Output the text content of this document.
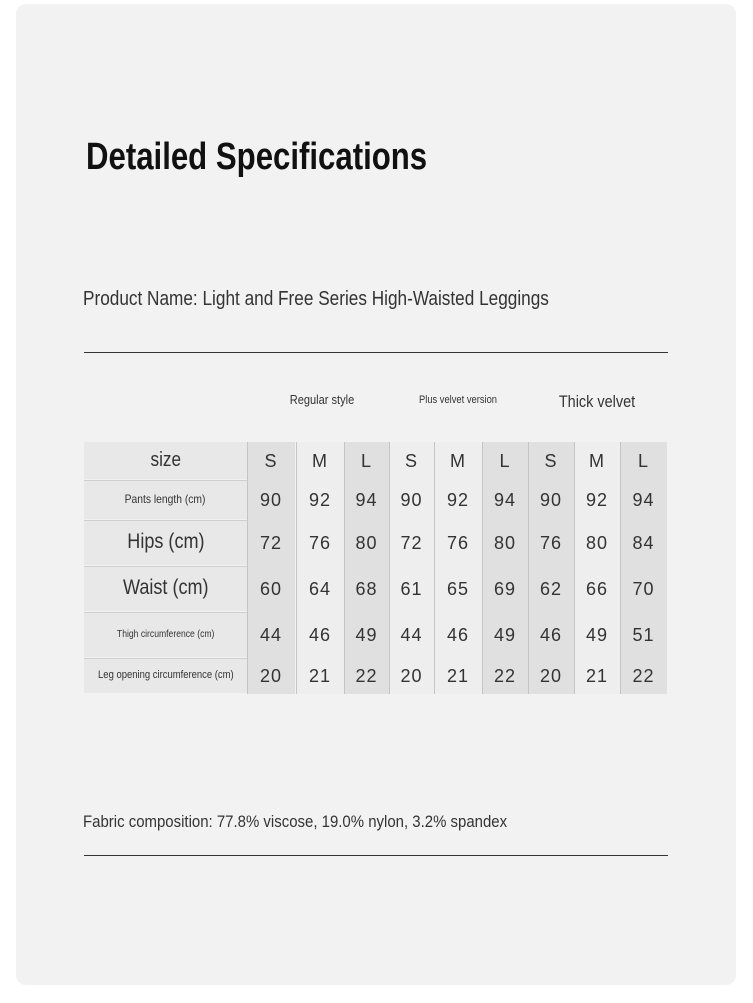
Detailed Specifications
Product Name: Light and Free Series High-Waisted Leggings
Regular style	Plus velvet version	Thick velvet
size
Pants length (cm)
Hips (cm)
Waist (cm)
Thigh circumference (cm)
Leg opening circumference (cm)
S
90
72
60
44
20
M
92
76
64
46
21
L
94
80
68
49
22
S
90
72
61
44
20
M
92
76
65
46
21
L
94
80
69
49
22
S
90
76
62
46
20
M
92
80
66
49
21
L
94
84
70
51
22
Fabric composition: 77.8% viscose, 19.0% nylon, 3.2% spandex
